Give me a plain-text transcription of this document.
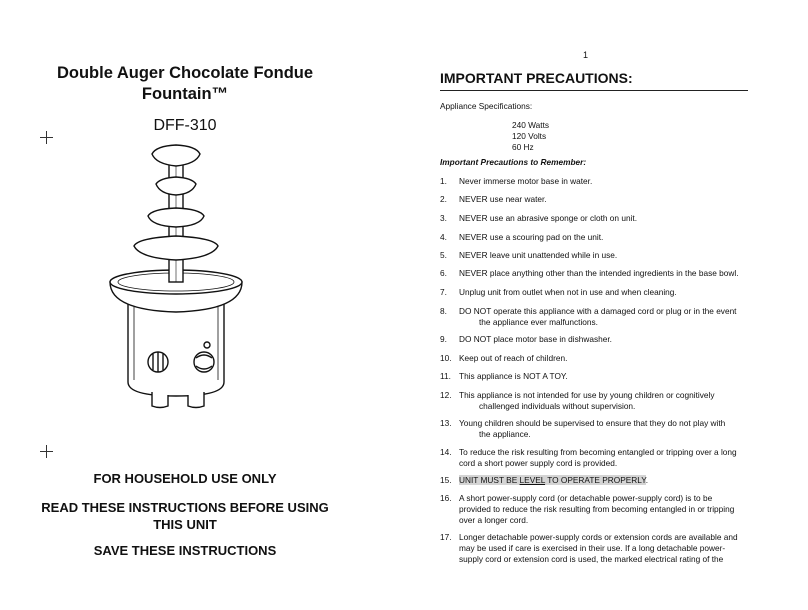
Double Auger Chocolate Fondue
Fountain™
DFF-310
FOR HOUSEHOLD USE ONLY
READ THESE INSTRUCTIONS BEFORE USING
THIS UNIT
SAVE THESE INSTRUCTIONS
1
IMPORTANT PRECAUTIONS:
Appliance Specifications:
240 Watts
120 Volts
60 Hz
Important Precautions to Remember:
1. Never immerse motor base in water.
2. NEVER use near water.
3. NEVER use an abrasive sponge or cloth on unit.
4. NEVER use a scouring pad on the unit.
5. NEVER leave unit unattended while in use.
6. NEVER place anything other than the intended ingredients in the base bowl.
7. Unplug unit from outlet when not in use and when cleaning.
8. DO NOT operate this appliance with a damaged cord or plug or in the event
the appliance ever malfunctions.
9. DO NOT place motor base in dishwasher.
10. Keep out of reach of children.
11. This appliance is NOT A TOY.
12. This appliance is not intended for use by young children or cognitively
challenged individuals without supervision.
13. Young children should be supervised to ensure that they do not play with
the appliance.
14. To reduce the risk resulting from becoming entangled or tripping over a long
cord a short power supply cord is provided.
15. UNIT MUST BE LEVEL TO OPERATE PROPERLY.
16. A short power-supply cord (or detachable power-supply cord) is to be
provided to reduce the risk resulting from becoming entangled in or tripping
over a longer cord.
17. Longer detachable power-supply cords or extension cords are available and
may be used if care is exercised in their use. If a long detachable power-
supply cord or extension cord is used, the marked electrical rating of the
